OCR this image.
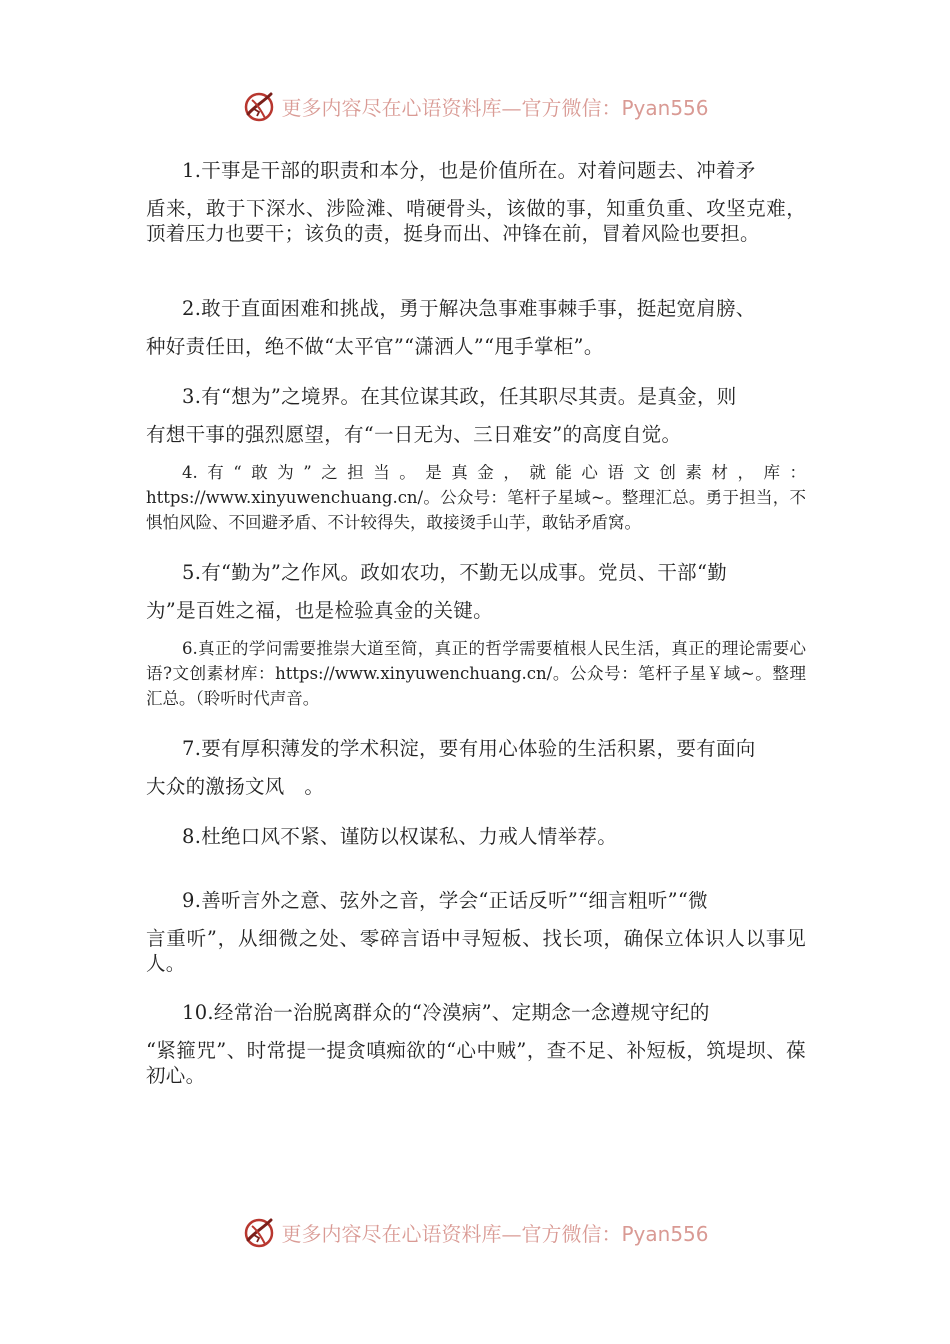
更多内容尽在心语资料库—官方微信：Pyan556

1.干事是干部的职责和本分，也是价值所在。对着问题去、冲着矛
盾来，敢于下深水、涉险滩、啃硬骨头，该做的事，知重负重、攻坚克难，顶着压力也要干；该负的责，挺身而出、冲锋在前，冒着风险也要担。

2.敢于直面困难和挑战，勇于解决急事难事棘手事，挺起宽肩膀、
种好责任田，绝不做“太平官”“潇洒人”“甩手掌柜”。

3.有“想为”之境界。在其位谋其政，任其职尽其责。是真金，则
有想干事的强烈愿望，有“一日无为、三日难安”的高度自觉。

4.有“敢为”之担当。是真金，就能心语文创素材，库：https://www.xinyuwenchuang.cn/。公众号：笔杆子星域~。整理汇总。勇于担当，不惧怕风险、不回避矛盾、不计较得失，敢接烫手山芋，敢钻矛盾窝。

5.有“勤为”之作风。政如农功，不勤无以成事。党员、干部“勤
为”是百姓之福，也是检验真金的关键。

6.真正的学问需要推崇大道至简，真正的哲学需要植根人民生活，真正的理论需要心语?文创素材库：https://www.xinyuwenchuang.cn/。公众号：笔杆子星￥域~。整理汇总。（聆听时代声音。

7.要有厚积薄发的学术积淀，要有用心体验的生活积累，要有面向
大众的激扬文风　。

8.杜绝口风不紧、谨防以权谋私、力戒人情举荐。

9.善听言外之意、弦外之音，学会“正话反听”“细言粗听”“微
言重听”，从细微之处、零碎言语中寻短板、找长项，确保立体识人以事见人。

10.经常治一治脱离群众的“冷漠病”、定期念一念遵规守纪的
“紧箍咒”、时常提一提贪嗔痴欲的“心中贼”，查不足、补短板，筑堤坝、葆初心。

更多内容尽在心语资料库—官方微信：Pyan556
